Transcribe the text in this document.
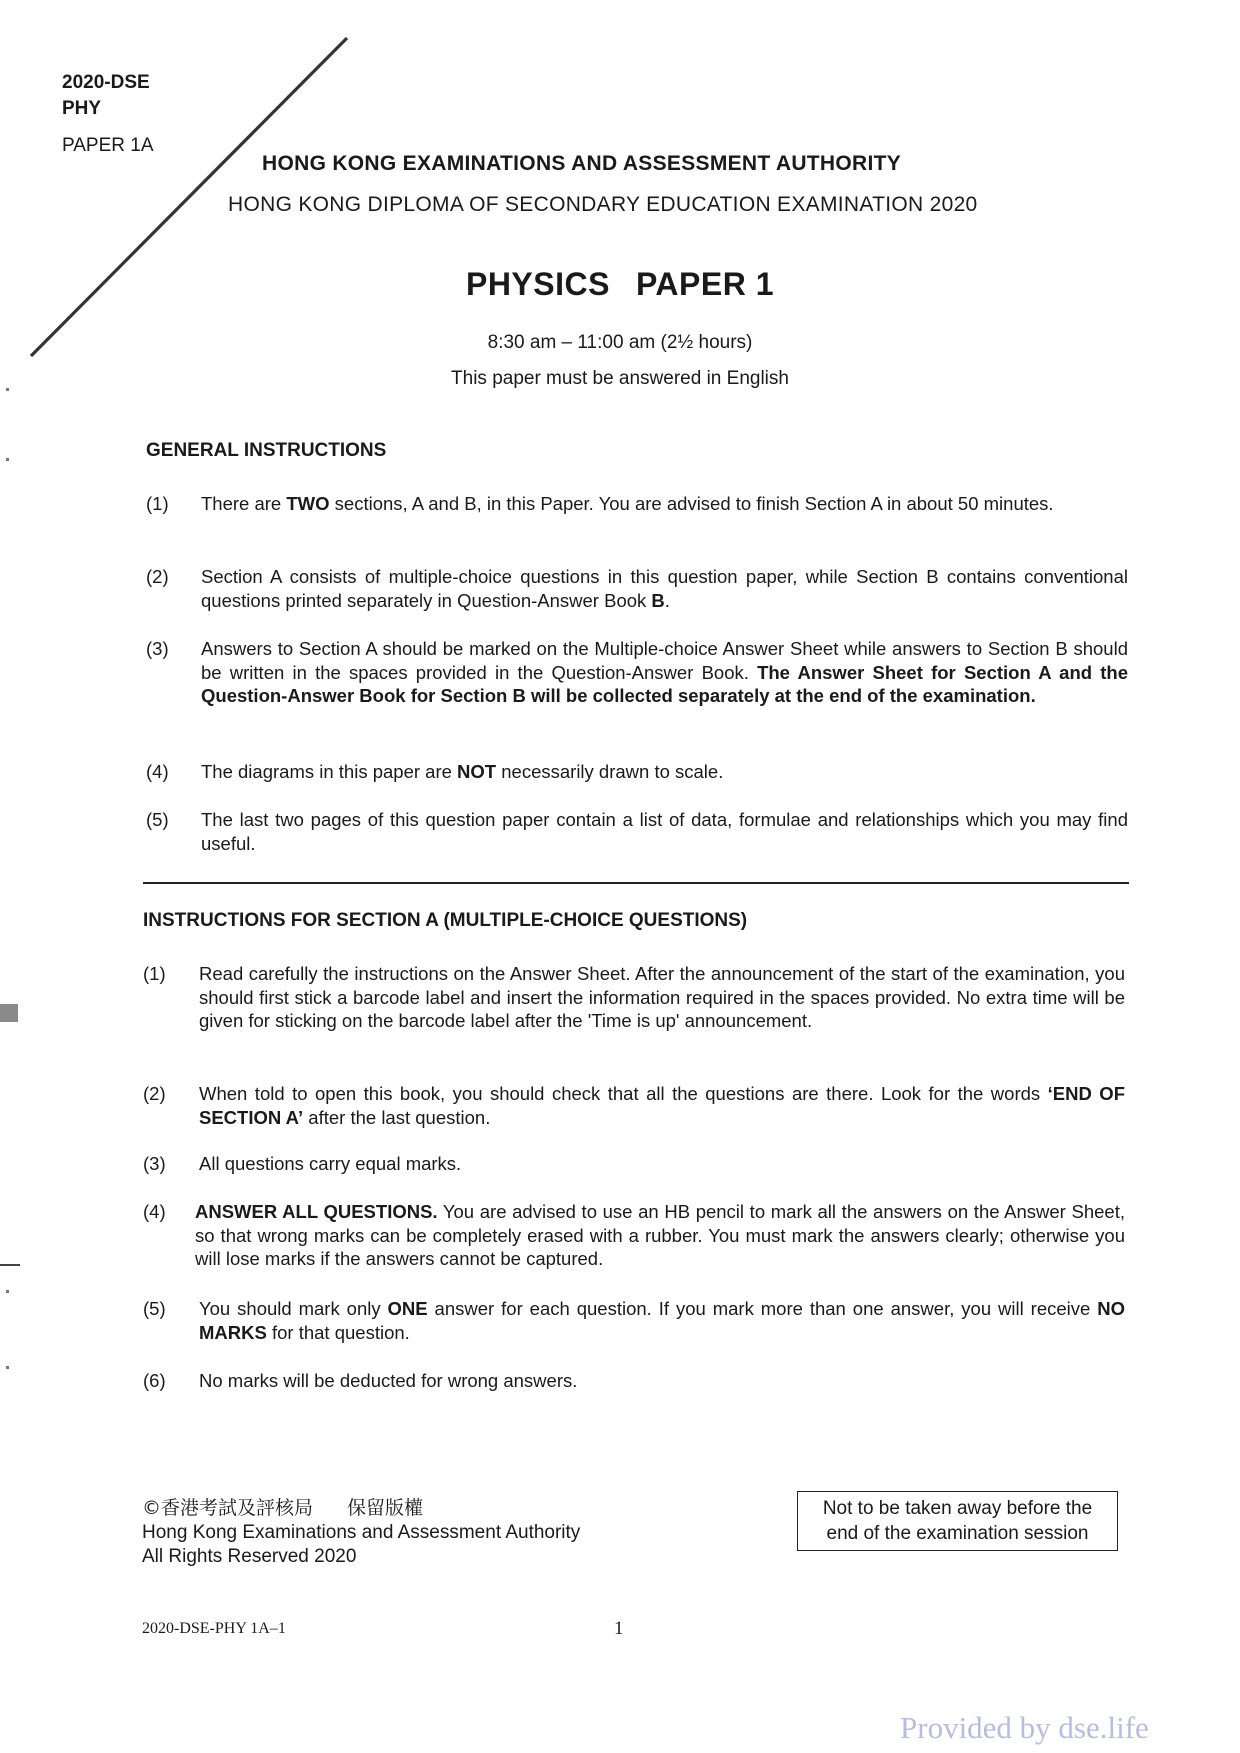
2020-DSE
PHY
PAPER 1A
HONG KONG EXAMINATIONS AND ASSESSMENT AUTHORITY
HONG KONG DIPLOMA OF SECONDARY EDUCATION EXAMINATION 2020
PHYSICS PAPER 1
8:30 am – 11:00 am (2½ hours)
This paper must be answered in English
GENERAL INSTRUCTIONS
(1) There are TWO sections, A and B, in this Paper. You are advised to finish Section A in about 50 minutes.
(2) Section A consists of multiple-choice questions in this question paper, while Section B contains conventional questions printed separately in Question-Answer Book B.
(3) Answers to Section A should be marked on the Multiple-choice Answer Sheet while answers to Section B should be written in the spaces provided in the Question-Answer Book. The Answer Sheet for Section A and the Question-Answer Book for Section B will be collected separately at the end of the examination.
(4) The diagrams in this paper are NOT necessarily drawn to scale.
(5) The last two pages of this question paper contain a list of data, formulae and relationships which you may find useful.
INSTRUCTIONS FOR SECTION A (MULTIPLE-CHOICE QUESTIONS)
(1) Read carefully the instructions on the Answer Sheet. After the announcement of the start of the examination, you should first stick a barcode label and insert the information required in the spaces provided. No extra time will be given for sticking on the barcode label after the 'Time is up' announcement.
(2) When told to open this book, you should check that all the questions are there. Look for the words ‘END OF SECTION A’ after the last question.
(3) All questions carry equal marks.
(4) ANSWER ALL QUESTIONS. You are advised to use an HB pencil to mark all the answers on the Answer Sheet, so that wrong marks can be completely erased with a rubber. You must mark the answers clearly; otherwise you will lose marks if the answers cannot be captured.
(5) You should mark only ONE answer for each question. If you mark more than one answer, you will receive NO MARKS for that question.
(6) No marks will be deducted for wrong answers.
©香港考試及評核局 保留版權
Hong Kong Examinations and Assessment Authority
All Rights Reserved 2020
Not to be taken away before the
end of the examination session
2020-DSE-PHY 1A–1	1
Provided by dse.life
